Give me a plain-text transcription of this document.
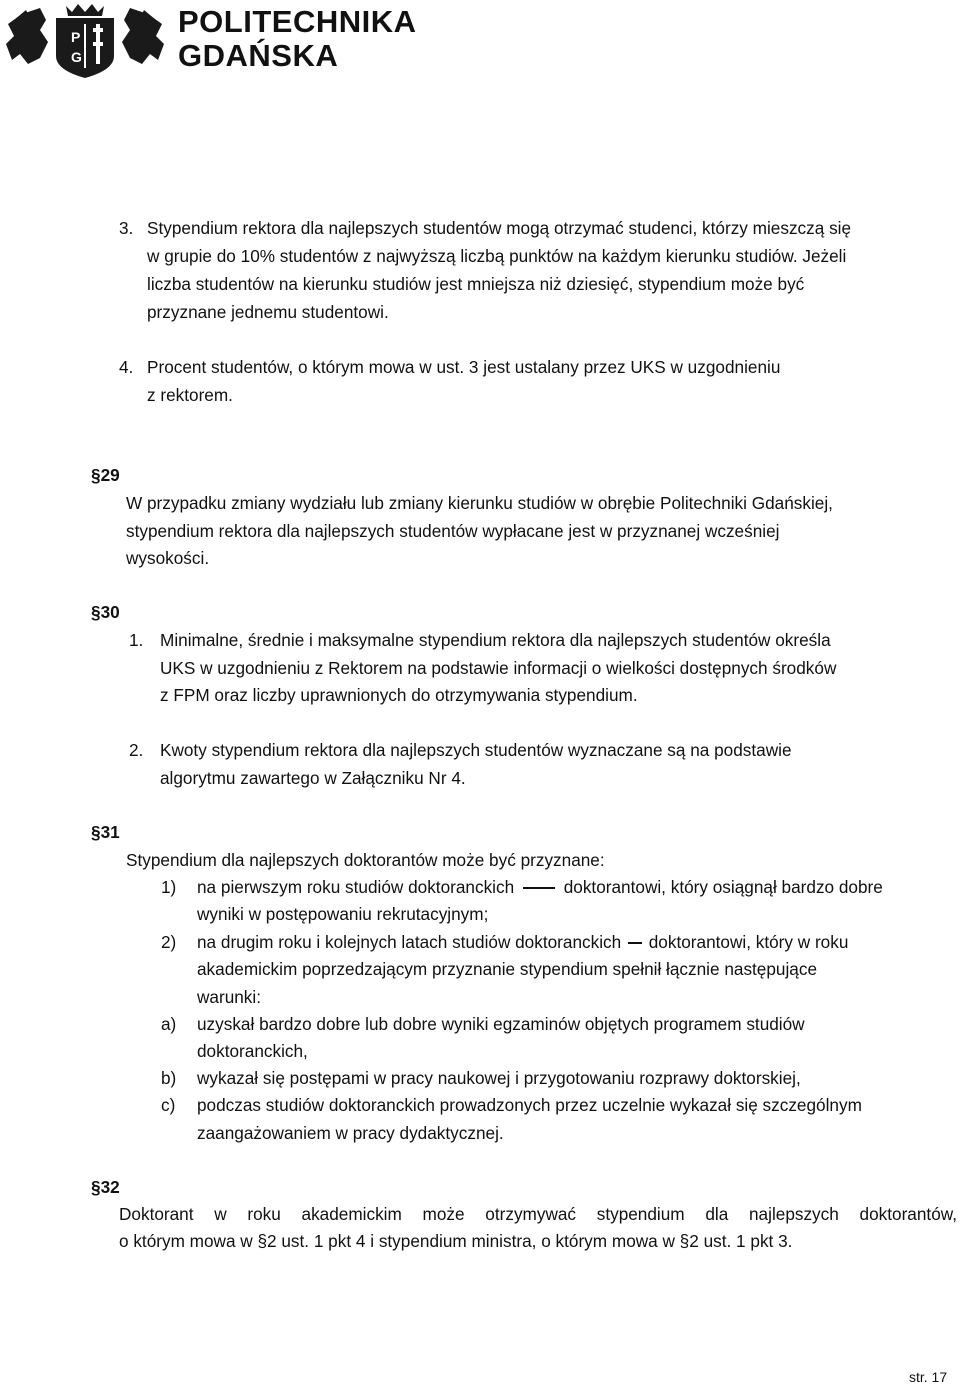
P
G
POLITECHNIKA
GDAŃSKA
3. Stypendium rektora dla najlepszych studentów mogą otrzymać studenci, którzy mieszczą się
w grupie do 10% studentów z najwyższą liczbą punktów na każdym kierunku studiów. Jeżeli
liczba studentów na kierunku studiów jest mniejsza niż dziesięć, stypendium może być
przyznane jednemu studentowi.
4. Procent studentów, o którym mowa w ust. 3 jest ustalany przez UKS w uzgodnieniu
z rektorem.
§29
W przypadku zmiany wydziału lub zmiany kierunku studiów w obrębie Politechniki Gdańskiej,
stypendium rektora dla najlepszych studentów wypłacane jest w przyznanej wcześniej
wysokości.
§30
1. Minimalne, średnie i maksymalne stypendium rektora dla najlepszych studentów określa
UKS w uzgodnieniu z Rektorem na podstawie informacji o wielkości dostępnych środków
z FPM oraz liczby uprawnionych do otrzymywania stypendium.
2. Kwoty stypendium rektora dla najlepszych studentów wyznaczane są na podstawie
algorytmu zawartego w Załączniku Nr 4.
§31
Stypendium dla najlepszych doktorantów może być przyznane:
1) na pierwszym roku studiów doktoranckich	doktorantowi, który osiągnął bardzo dobre
wyniki w postępowaniu rekrutacyjnym;
2) na drugim roku i kolejnych latach studiów doktoranckich doktorantowi, który w roku
akademickim poprzedzającym przyznanie stypendium spełnił łącznie następujące
warunki:
a) uzyskał bardzo dobre lub dobre wyniki egzaminów objętych programem studiów
doktoranckich,
b) wykazał się postępami w pracy naukowej i przygotowaniu rozprawy doktorskiej,
c) podczas studiów doktoranckich prowadzonych przez uczelnie wykazał się szczególnym
zaangażowaniem w pracy dydaktycznej.
§32
Doktorant w roku akademickim może otrzymywać stypendium dla najlepszych doktorantów,
o którym mowa w §2 ust. 1 pkt 4 i stypendium ministra, o którym mowa w §2 ust. 1 pkt 3.
str. 17
